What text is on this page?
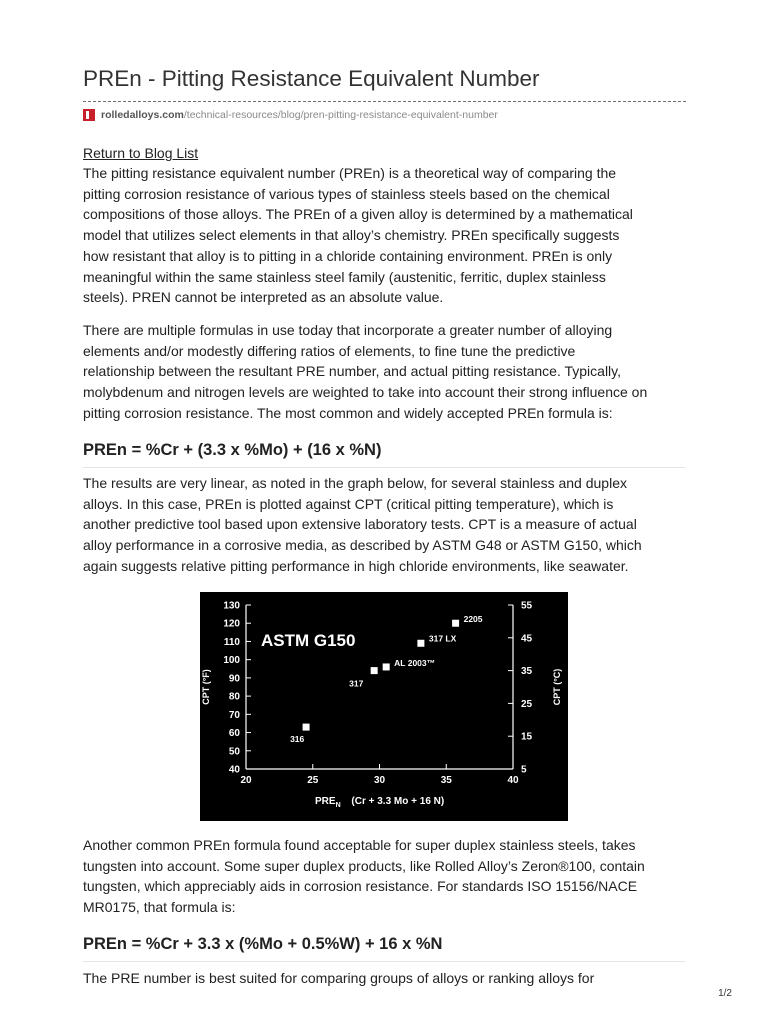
PREn - Pitting Resistance Equivalent Number
rolledalloys.com /technical-resources/blog/pren-pitting-resistance-equivalent-number
Return to Blog List

The pitting resistance equivalent number (PREn) is a theoretical way of comparing the
pitting corrosion resistance of various types of stainless steels based on the chemical
compositions of those alloys. The PREn of a given alloy is determined by a mathematical
model that utilizes select elements in that alloy’s chemistry. PREn specifically suggests
how resistant that alloy is to pitting in a chloride containing environment. PREn is only
meaningful within the same stainless steel family (austenitic, ferritic, duplex stainless
steels). PREN cannot be interpreted as an absolute value.

There are multiple formulas in use today that incorporate a greater number of alloying
elements and/or modestly differing ratios of elements, to fine tune the predictive
relationship between the resultant PRE number, and actual pitting resistance. Typically,
molybdenum and nitrogen levels are weighted to take into account their strong influence on
pitting corrosion resistance. The most common and widely accepted PREn formula is:

PREn = %Cr + (3.3 x %Mo) + (16 x %N)

The results are very linear, as noted in the graph below, for several stainless and duplex
alloys. In this case, PREn is plotted against CPT (critical pitting temperature), which is
another predictive tool based upon extensive laboratory tests. CPT is a measure of actual
alloy performance in a corrosive media, as described by ASTM G48 or ASTM G150, which
again suggests relative pitting performance in high chloride environments, like seawater.

40
50
60
70
80
90
100
110
120
130
5
15
25
35
45
55
20	25	30	35	40
CPT (°F)	CPT (°C)
$PRE_N$ (Cr + 3.3 Mo + 16 N)
316
317
AL 2003™
317 LX
2205
ASTM G150

Another common PREn formula found acceptable for super duplex stainless steels, takes
tungsten into account. Some super duplex products, like Rolled Alloy’s Zeron®100, contain
tungsten, which appreciably aids in corrosion resistance. For standards ISO 15156/NACE
MR0175, that formula is:

PREn = %Cr + 3.3 x (%Mo + 0.5%W) + 16 x %N

The PRE number is best suited for comparing groups of alloys or ranking alloys for

1/2
